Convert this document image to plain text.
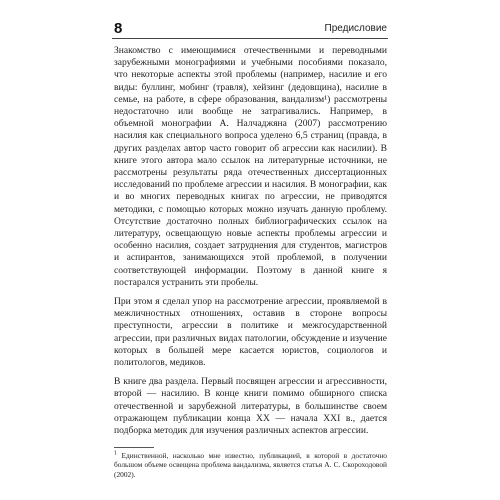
8	Предисловие

Знакомство с имеющимися отечественными и переводными зарубежными монографиями и учебными пособиями показало, что некоторые аспекты этой проблемы (например, насилие и его виды: буллинг, мобинг (травля), хейзинг (дедовщина), насилие в семье, на работе, в сфере образования, вандализм¹) рассмотрены недостаточно или вообще не затрагивались. Например, в объемной монографии А. Налчаджяна (2007) рассмотрению насилия как специального вопроса уделено 6,5 страниц (правда, в других разделах автор часто говорит об агрессии как насилии). В книге этого автора мало ссылок на литературные источники, не рассмотрены результаты ряда отечественных диссертационных исследований по проблеме агрессии и насилия. В монографии, как и во многих переводных книгах по агрессии, не приводятся методики, с помощью которых можно изучать данную проблему. Отсутствие достаточно полных библиографических ссылок на литературу, освещающую новые аспекты проблемы агрессии и особенно насилия, создает затруднения для студентов, магистров и аспирантов, занимающихся этой проблемой, в получении соответствующей информации. Поэтому в данной книге я постарался устранить эти пробелы.

При этом я сделал упор на рассмотрение агрессии, проявляемой в межличностных отношениях, оставив в стороне вопросы преступности, агрессии в политике и межгосударственной агрессии, при различных видах патологии, обсуждение и изучение которых в большей мере касается юристов, социологов и политологов, медиков.

В книге два раздела. Первый посвящен агрессии и агрессивности, второй — насилию. В конце книги помимо обширного списка отечественной и зарубежной литературы, в большинстве своем отражающем публикации конца XX — начала XXI в., дается подборка методик для изучения различных аспектов агрессии.

$^1$ Единственной, насколько мне известно, публикацией, в которой в достаточно большом объеме освещена проблема вандализма, является статья А. С. Скороходовой (2002).
